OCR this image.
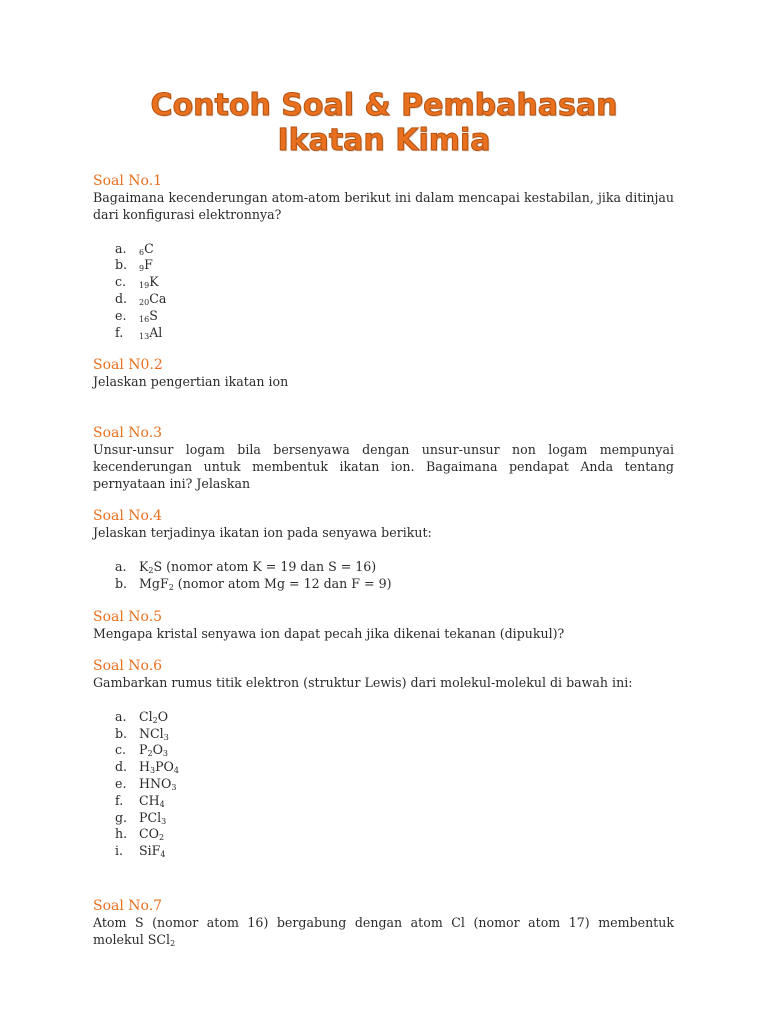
Contoh Soal & Pembahasan
Ikatan Kimia
Soal No.1
Bagaimana kecenderungan atom-atom berikut ini dalam mencapai kestabilan, jika ditinjau dari konfigurasi elektronnya?
a. $_6$C
b. $_9$F
c. $_{19}$K
d. $_{20}$Ca
e. $_{16}$S
f. $_{13}$Al
Soal N0.2
Jelaskan pengertian ikatan ion
Soal No.3
Unsur-unsur logam bila bersenyawa dengan unsur-unsur non logam mempunyai kecenderungan untuk membentuk ikatan ion. Bagaimana pendapat Anda tentang pernyataan ini? Jelaskan
Soal No.4
Jelaskan terjadinya ikatan ion pada senyawa berikut:
a. $K_2S$ (nomor atom K = 19 dan S = 16)
b. MgF$_2$ (nomor atom Mg = 12 dan F = 9)
Soal No.5
Mengapa kristal senyawa ion dapat pecah jika dikenai tekanan (dipukul)?
Soal No.6
Gambarkan rumus titik elektron (struktur Lewis) dari molekul-molekul di bawah ini:
a. $Cl_2O$
b. NCl$_3$
c. $P_2O_3$
d. $H_3PO_4$
e. $HNO_3$
f. $CH_4$
g. PCl$_3$
h. $CO_2$
i. SiF$_4$
Soal No.7
Atom S (nomor atom 16) bergabung dengan atom Cl (nomor atom 17) membentuk molekul SCl$_2$
